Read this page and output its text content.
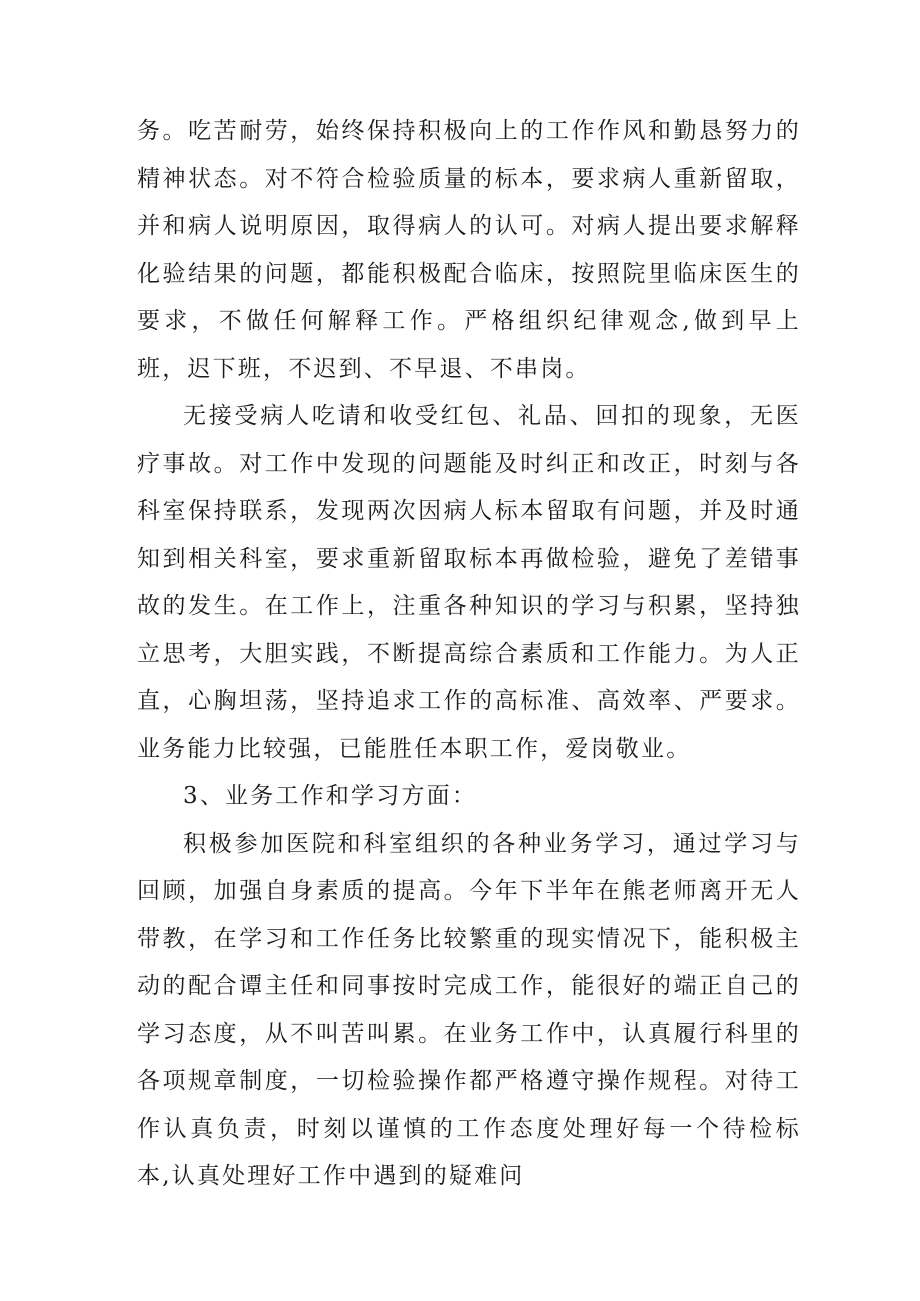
务。吃苦耐劳，始终保持积极向上的工作作风和勤恳努力的精神状态。对不符合检验质量的标本，要求病人重新留取，并和病人说明原因，取得病人的认可。对病人提出要求解释化验结果的问题，都能积极配合临床，按照院里临床医生的要求，不做任何解释工作。严格组织纪律观念,做到早上班，迟下班，不迟到、不早退、不串岗。

无接受病人吃请和收受红包、礼品、回扣的现象，无医疗事故。对工作中发现的问题能及时纠正和改正，时刻与各科室保持联系，发现两次因病人标本留取有问题，并及时通知到相关科室，要求重新留取标本再做检验，避免了差错事故的发生。在工作上，注重各种知识的学习与积累，坚持独立思考，大胆实践，不断提高综合素质和工作能力。为人正直，心胸坦荡，坚持追求工作的高标准、高效率、严要求。业务能力比较强，已能胜任本职工作，爱岗敬业。

3、业务工作和学习方面：

积极参加医院和科室组织的各种业务学习，通过学习与回顾，加强自身素质的提高。今年下半年在熊老师离开无人带教，在学习和工作任务比较繁重的现实情况下，能积极主动的配合谭主任和同事按时完成工作，能很好的端正自己的学习态度，从不叫苦叫累。在业务工作中，认真履行科里的各项规章制度，一切检验操作都严格遵守操作规程。对待工作认真负责，时刻以谨慎的工作态度处理好每一个待检标本,认真处理好工作中遇到的疑难问
